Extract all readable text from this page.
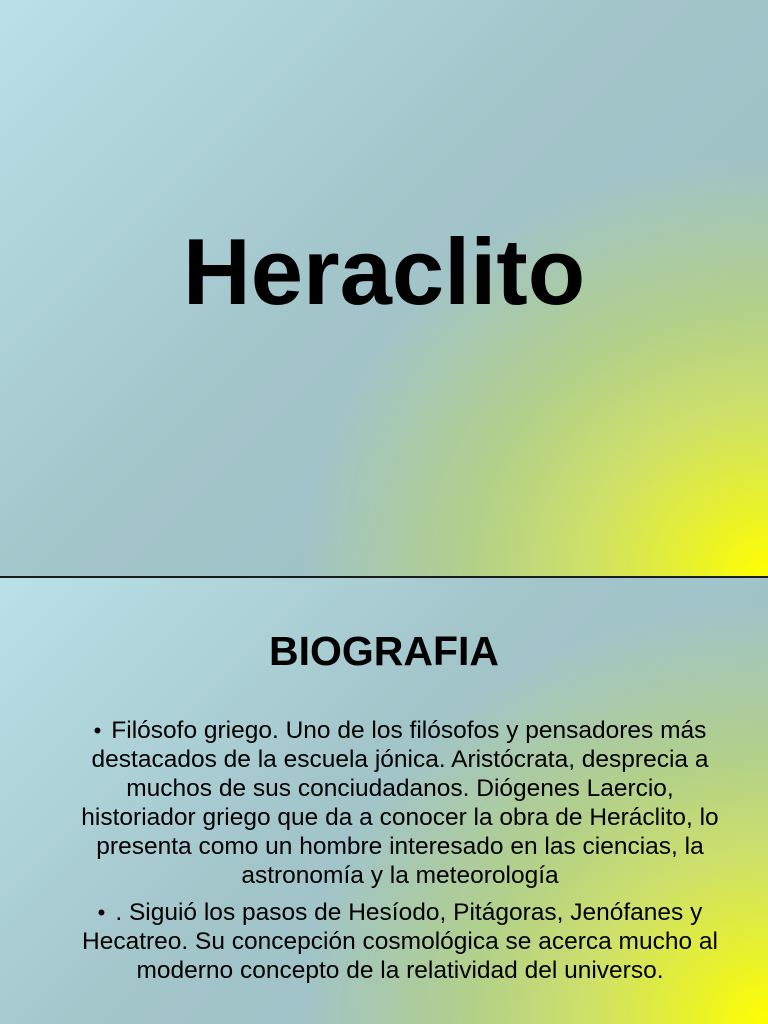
Heraclito
BIOGRAFIA
• Filósofo griego. Uno de los filósofos y pensadores más destacados de la escuela jónica. Aristócrata, desprecia a muchos de sus conciudadanos. Diógenes Laercio, historiador griego que da a conocer la obra de Heráclito, lo presenta como un hombre interesado en las ciencias, la astronomía y la meteorología
• . Siguió los pasos de Hesíodo, Pitágoras, Jenófanes y Hecatreo. Su concepción cosmológica se acerca mucho al moderno concepto de la relatividad del universo.
